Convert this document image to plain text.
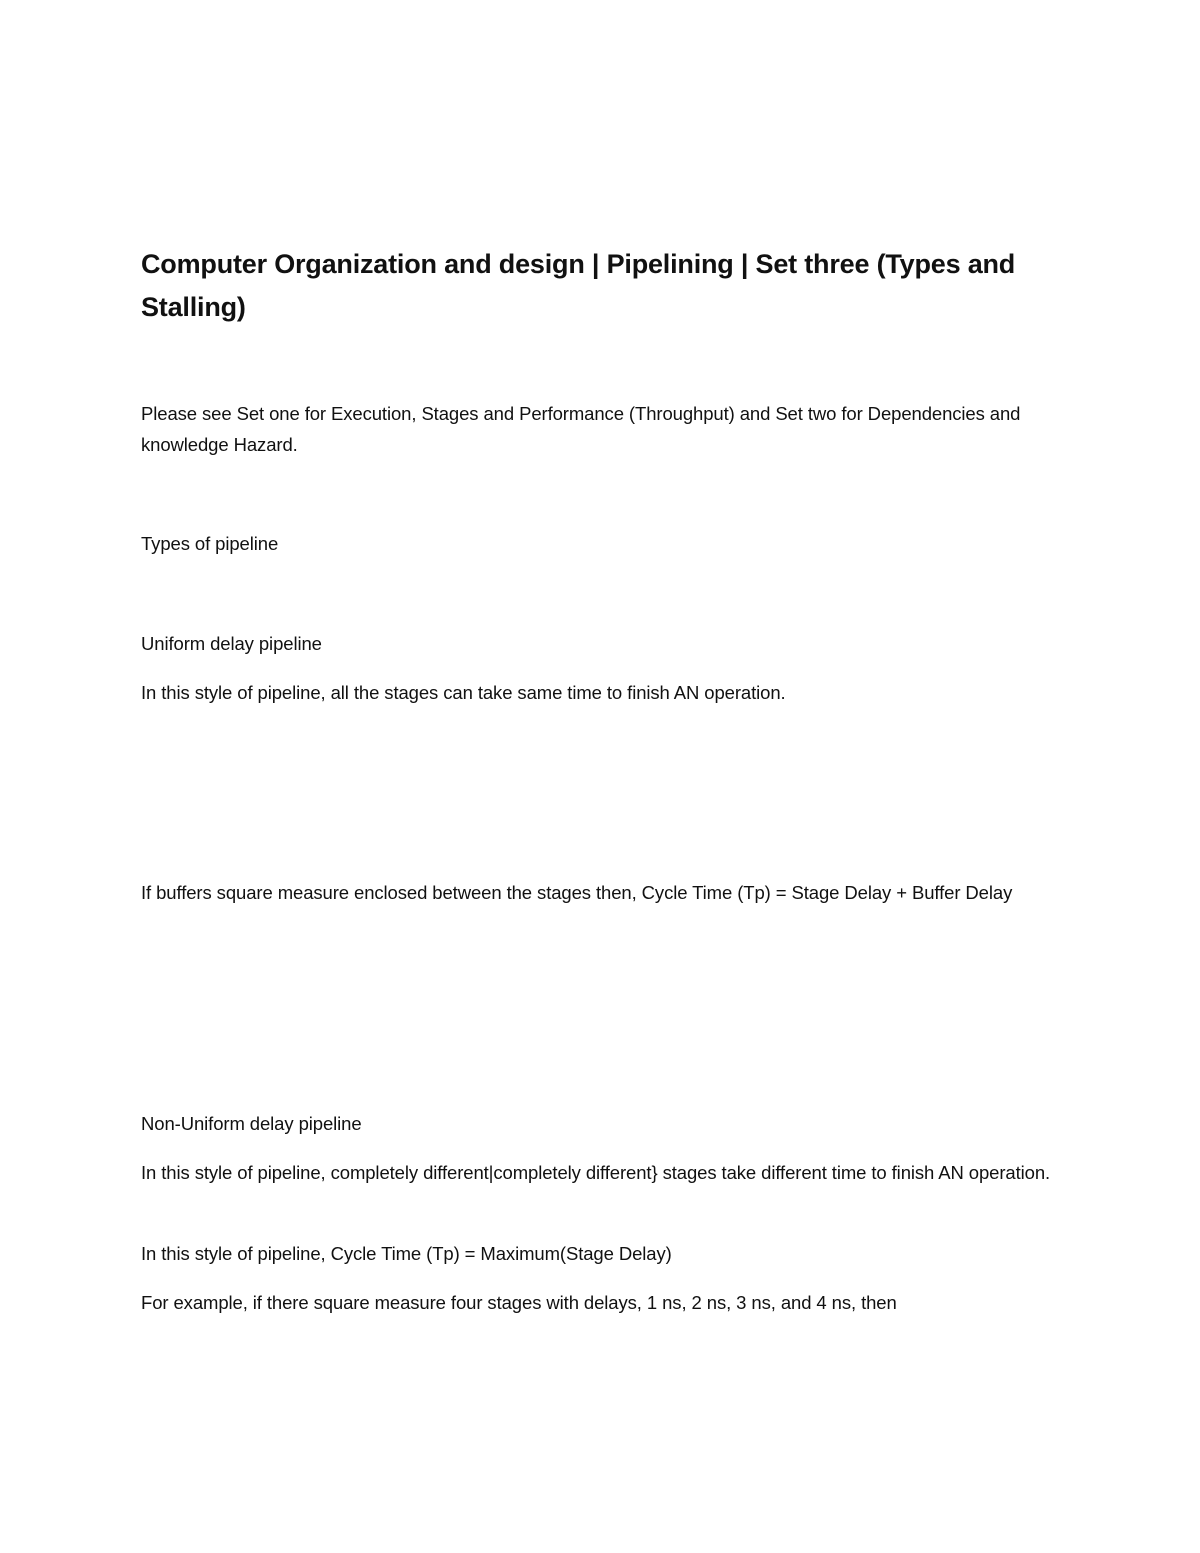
Computer Organization and design | Pipelining | Set three (Types and Stalling)

Please see Set one for Execution, Stages and Performance (Throughput) and Set two for Dependencies and knowledge Hazard.

Types of pipeline

Uniform delay pipeline

In this style of pipeline, all the stages can take same time to finish AN operation.

If buffers square measure enclosed between the stages then, Cycle Time (Tp) = Stage Delay + Buffer Delay

Non-Uniform delay pipeline

In this style of pipeline, completely different|completely different} stages take different time to finish AN operation.

In this style of pipeline, Cycle Time (Tp) = Maximum(Stage Delay)

For example, if there square measure four stages with delays, 1 ns, 2 ns, 3 ns, and 4 ns, then
